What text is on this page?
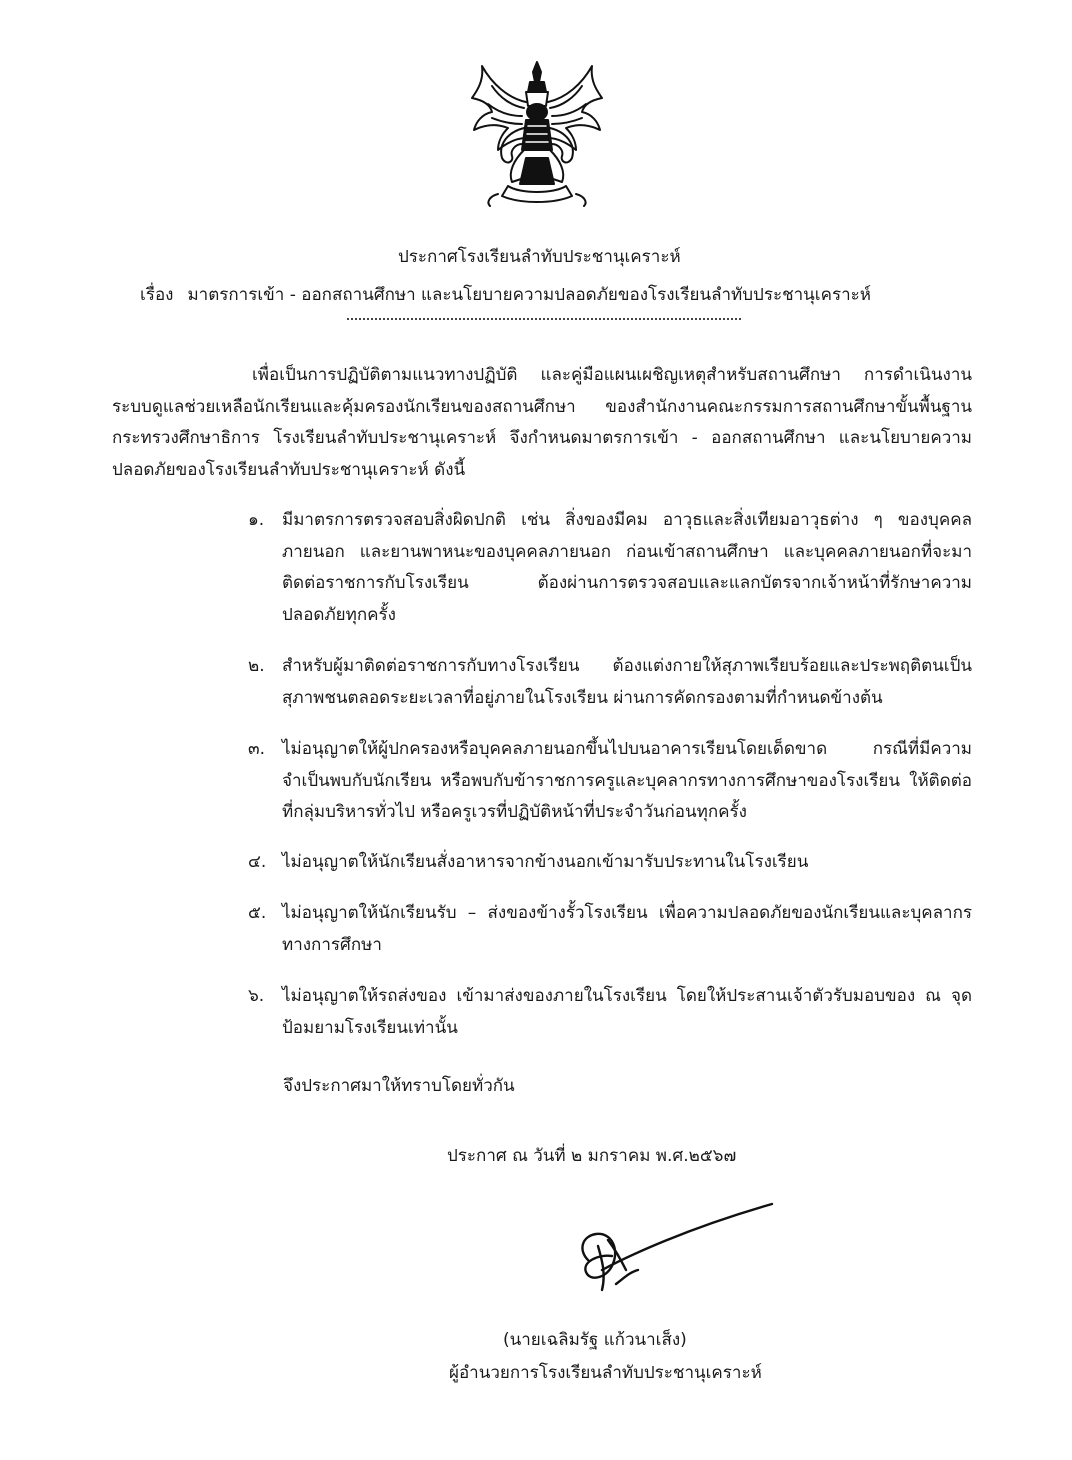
ประกาศโรงเรียนลำทับประชานุเคราะห์
เรื่อง มาตรการเข้า - ออกสถานศึกษา และนโยบายความปลอดภัยของโรงเรียนลำทับประชานุเคราะห์
เพื่อเป็นการปฏิบัติตามแนวทางปฏิบัติ และคู่มือแผนเผชิญเหตุสำหรับสถานศึกษา การดำเนินงานระบบดูแลช่วยเหลือนักเรียนและคุ้มครองนักเรียนของสถานศึกษา ของสำนักงานคณะกรรมการสถานศึกษาขั้นพื้นฐาน กระทรวงศึกษาธิการ โรงเรียนลำทับประชานุเคราะห์ จึงกำหนดมาตรการเข้า - ออกสถานศึกษา และนโยบายความปลอดภัยของโรงเรียนลำทับประชานุเคราะห์ ดังนี้
๑.	มีมาตรการตรวจสอบสิ่งผิดปกติ เช่น สิ่งของมีคม อาวุธและสิ่งเทียมอาวุธต่าง ๆ ของบุคคลภายนอก และยานพาหนะของบุคคลภายนอก ก่อนเข้าสถานศึกษา และบุคคลภายนอกที่จะมาติดต่อราชการกับโรงเรียน ต้องผ่านการตรวจสอบและแลกบัตรจากเจ้าหน้าที่รักษาความปลอดภัยทุกครั้ง
๒.	สำหรับผู้มาติดต่อราชการกับทางโรงเรียน ต้องแต่งกายให้สุภาพเรียบร้อยและประพฤติตนเป็นสุภาพชนตลอดระยะเวลาที่อยู่ภายในโรงเรียน ผ่านการคัดกรองตามที่กำหนดข้างต้น
๓. ไม่อนุญาตให้ผู้ปกครองหรือบุคคลภายนอกขึ้นไปบนอาคารเรียนโดยเด็ดขาด กรณีที่มีความจำเป็นพบกับนักเรียน หรือพบกับข้าราชการครูและบุคลากรทางการศึกษาของโรงเรียน ให้ติดต่อที่กลุ่มบริหารทั่วไป หรือครูเวรที่ปฏิบัติหน้าที่ประจำวันก่อนทุกครั้ง
๔. ไม่อนุญาตให้นักเรียนสั่งอาหารจากข้างนอกเข้ามารับประทานในโรงเรียน
๕. ไม่อนุญาตให้นักเรียนรับ – ส่งของข้างรั้วโรงเรียน เพื่อความปลอดภัยของนักเรียนและบุคลากรทางการศึกษา
๖.	ไม่อนุญาตให้รถส่งของ เข้ามาส่งของภายในโรงเรียน โดยให้ประสานเจ้าตัวรับมอบของ ณ จุดป้อมยามโรงเรียนเท่านั้น
จึงประกาศมาให้ทราบโดยทั่วกัน
ประกาศ ณ วันที่ ๒ มกราคม พ.ศ.๒๕๖๗
(นายเฉลิมรัฐ แก้วนาเส็ง)
ผู้อำนวยการโรงเรียนลำทับประชานุเคราะห์
